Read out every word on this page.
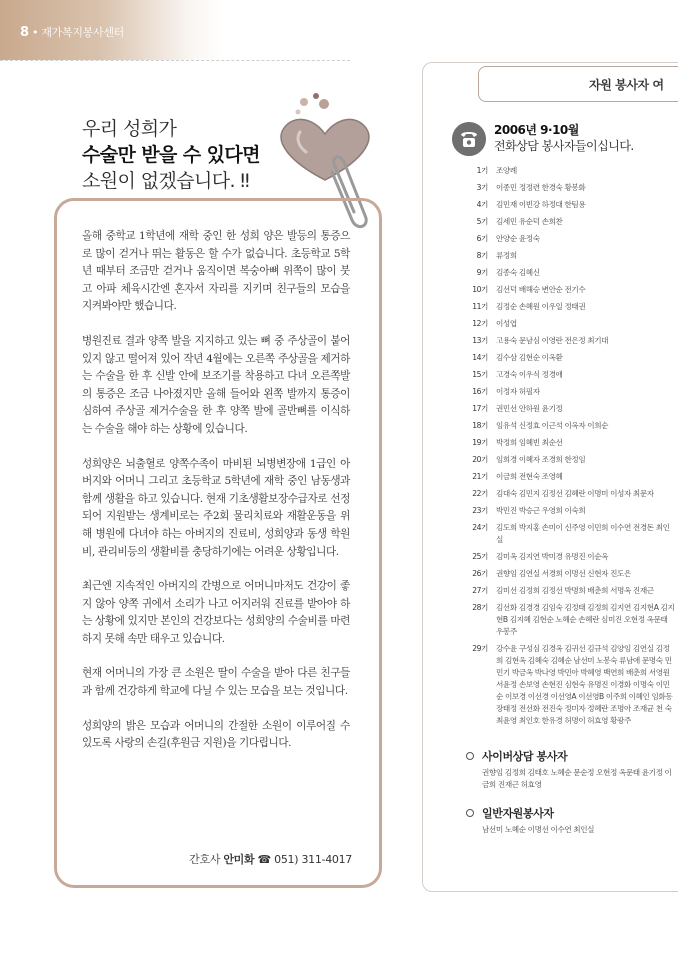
8 • 재가복지봉사센터
우리 성희가
수술만 받을 수 있다면
소원이 없겠습니다. ‼

올해 중학교 1학년에 재학 중인 한 성희 양은 발등의 통증으로 많이 걷거나 뛰는 활동은 할 수가 없습니다. 초등학교 5학년 때부터 조금만 걷거나 움직이면 복숭아뼈 위쪽이 많이 붓고 아파 체육시간엔 혼자서 자리를 지키며 친구들의 모습을 지켜봐야만 했습니다.

병원진료 결과 양쪽 발을 지지하고 있는 뼈 중 주상골이 붙어있지 않고 떨어져 있어 작년 4월에는 오른쪽 주상골을 제거하는 수술을 한 후 신발 안에 보조기를 착용하고 다녀 오른쪽발의 통증은 조금 나아졌지만 올해 들어와 왼쪽 발까지 통증이 심하여 주상골 제거수술을 한 후 양쪽 발에 골반뼈를 이식하는 수술을 해야 하는 상황에 있습니다.

성희양은 뇌출혈로 양쪽수족이 마비된 뇌병변장애 1급인 아버지와 어머니 그리고 초등학교 5학년에 재학 중인 남동생과 함께 생활을 하고 있습니다. 현재 기초생활보장수급자로 선정되어 지원받는 생계비로는 주2회 물리치료와 재활운동을 위해 병원에 다녀야 하는 아버지의 진료비, 성희양과 동생 학원비, 관리비등의 생활비를 충당하기에는 어려운 상황입니다.

최근엔 지속적인 아버지의 간병으로 어머니마저도 건강이 좋지 않아 양쪽 귀에서 소리가 나고 어지러워 진료를 받아야 하는 상황에 있지만 본인의 건강보다는 성희양의 수술비를 마련하지 못해 속만 태우고 있습니다.

현재 어머니의 가장 큰 소원은 딸이 수술을 받아 다른 친구들과 함께 건강하게 학교에 다닐 수 있는 모습을 보는 것입니다.

성희양의 밝은 모습과 어머니의 간절한 소원이 이루어질 수 있도록 사랑의 손길(후원금 지원)을 기다립니다.

간호사 안미화 ☎ 051) 311-4017
자원 봉사자 여
2006년 9·10월
전화상담 봉사자들이십니다.
1기	조양례
3기	이종민 정정련 한경숙 황봉화
4기	김민재 이빈강 하정대 한팀용
5기	김세민 유순덕 손희찬
6기	안양순 윤정숙
8기	류정희
9기	김종숙 김혜신
10기	김선덕 배해승 변안순 전기수
11기	김정순 손혜원 이우일 정태권
12기	이성엽
13기	고용숙 문남심 이영란 전은정 최기대
14기	김수삼 김현순 이옥환
15기	고경숙 이우식 정경애
16기	이정자 허필자
17기	권민선 안하원 윤기정
18기	임유석 신정효 이근석 이옥자 이희순
19기	박정희 임혜빈 최순선
20기	임희경 이혜자 조경희 한정임
21기	이금희 전현숙 조영혜
22기	김대숙 김민지 김정선 김혜란 이명미 이성자 최문자
23기	박민진 박승근 우영희 이숙희
24기	김도희 박지홍 손미이 신주영 이민희 이수연 전경돈 최인실
25기	김미옥 김지연 박미경 유명진 이순옥
26기	권향임 김연실 서경희 이명선 신현자 진도은
27기	김미선 김정희 김정선 박명희 배춘희 서명옥 진재근
28기	김선화 김경경 김임숙 김정태 김정희 김지연 김지현A 김지현B 김지혜 김현순 노혜순 손혜란 심미진 오현정 옥문태 우봉주
29기	강수윤 구성심 김경옥 김귀선 김규석 김양임 김연실 김정희 김현옥 김혜숙 김혜순 남선미 노봉숙 류남애 문명숙 민민기 박금옥 박나영 박민아 박혜영 백연희 배춘희 서영원 서윤정 손보영 손현진 심현숙 유명진 이경화 이명숙 이민순 이보경 이선경 이선영A 이선영B 이주희 이혜인 임화동 장태정 전선화 전진숙 정미자 정혜란 조명아 조재균 천 숙 최윤영 최인호 한유경 허명이 허효영 황광주
사이버상담 봉사자
권향임 김정희 김태호 노혜순 문순정 오현정 옥문태 윤기정 이금희 진재근 허효영
일반자원봉사자
남선미 노혜순 이명선 이수연 최인실
